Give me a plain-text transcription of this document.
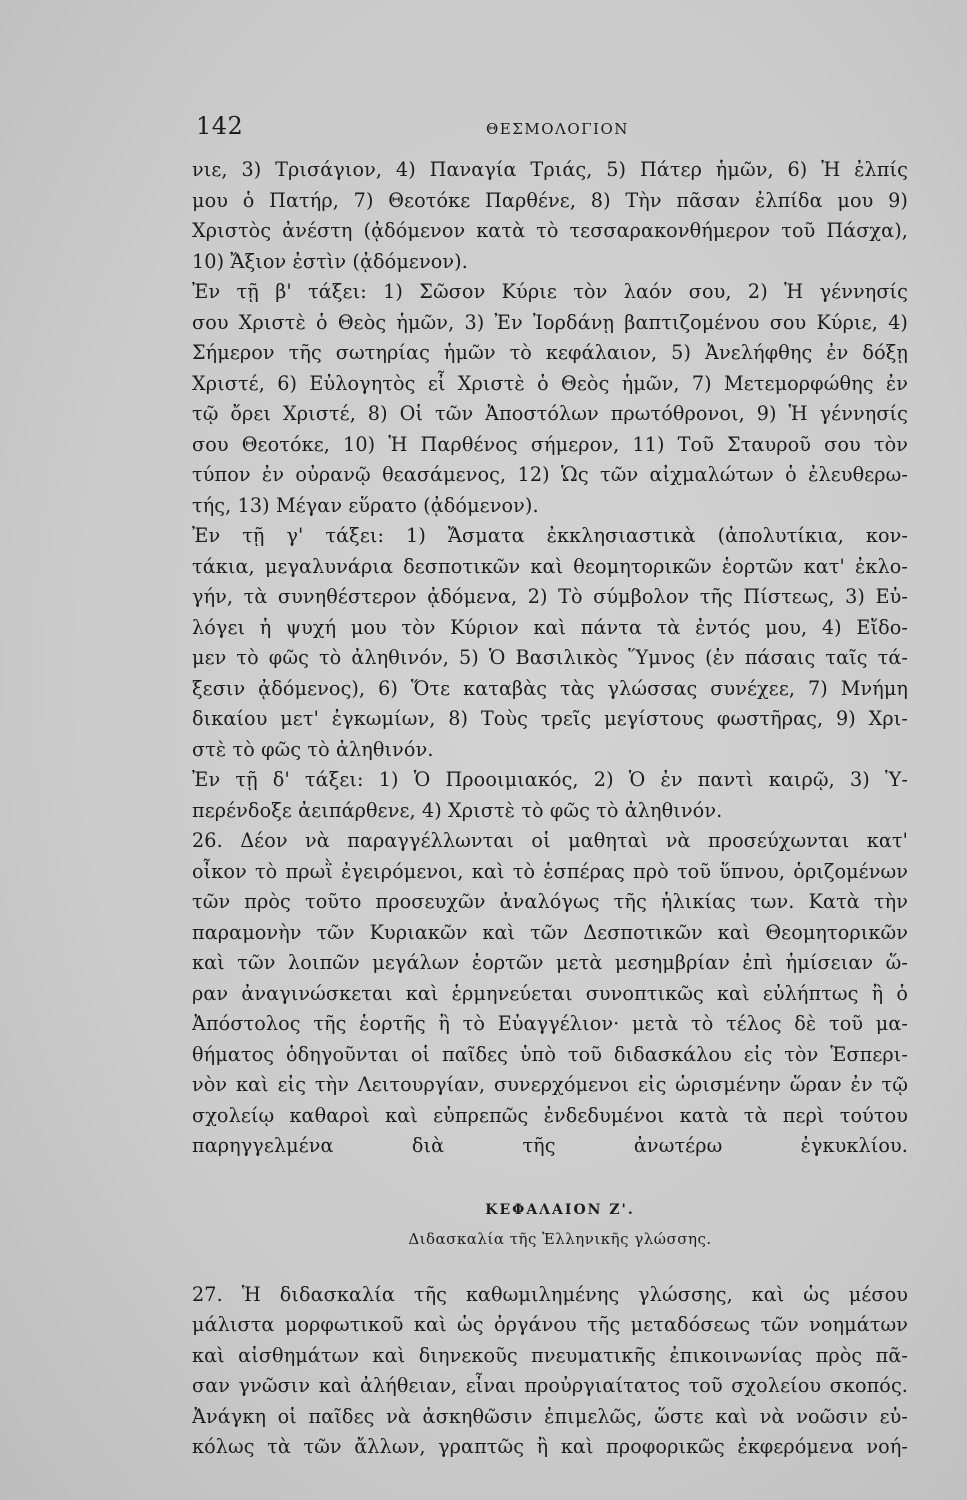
142	ΘΕΣΜΟΛΟΓΙΟΝ
νιε, 3) Τρισάγιον, 4) Παναγία Τριάς, 5) Πάτερ ἡμῶν, 6) Ἡ ἐλπίς
μου ὁ Πατήρ, 7) Θεοτόκε Παρθένε, 8) Τὴν πᾶσαν ἐλπίδα μου 9)
Χριστὸς ἀνέστη (ᾀδόμενον κατὰ τὸ τεσσαρακονθήμερον τοῦ Πάσχα),
10) Ἄξιον ἐστὶν (ᾀδόμενον).
Ἐν τῇ β' τάξει: 1) Σῶσον Κύριε τὸν λαόν σου, 2) Ἡ γέννησίς
σου Χριστὲ ὁ Θεὸς ἡμῶν, 3) Ἐν Ἰορδάνῃ βαπτιζομένου σου Κύριε, 4)
Σήμερον τῆς σωτηρίας ἡμῶν τὸ κεφάλαιον, 5) Ἀνελήφθης ἐν δόξῃ
Χριστέ, 6) Εὐλογητὸς εἶ Χριστὲ ὁ Θεὸς ἡμῶν, 7) Μετεμορφώθης ἐν
τῷ ὄρει Χριστέ, 8) Οἱ τῶν Ἀποστόλων πρωτόθρονοι, 9) Ἡ γέννησίς
σου Θεοτόκε, 10) Ἡ Παρθένος σήμερον, 11) Τοῦ Σταυροῦ σου τὸν
τύπον ἐν οὐρανῷ θεασάμενος, 12) Ὡς τῶν αἰχμαλώτων ὁ ἐλευθερω-
τής, 13) Μέγαν εὕρατο (ᾀδόμενον).
Ἐν τῇ γ' τάξει: 1) Ἄσματα ἐκκλησιαστικὰ (ἀπολυτίκια, κον-
τάκια, μεγαλυνάρια δεσποτικῶν καὶ θεομητορικῶν ἑορτῶν κατ' ἐκλο-
γήν, τὰ συνηθέστερον ᾀδόμενα, 2) Τὸ σύμβολον τῆς Πίστεως, 3) Εὐ-
λόγει ἡ ψυχή μου τὸν Κύριον καὶ πάντα τὰ ἐντός μου, 4) Εἴδο-
μεν τὸ φῶς τὸ ἀληθινόν, 5) Ὁ Βασιλικὸς Ὕμνος (ἐν πάσαις ταῖς τά-
ξεσιν ᾀδόμενος), 6) Ὅτε καταβὰς τὰς γλώσσας συνέχεε, 7) Μνήμη
δικαίου μετ' ἐγκωμίων, 8) Τοὺς τρεῖς μεγίστους φωστῆρας, 9) Χρι-
στὲ τὸ φῶς τὸ ἀληθινόν.
Ἐν τῇ δ' τάξει: 1) Ὁ Προοιμιακός, 2) Ὁ ἐν παντὶ καιρῷ, 3) Ὑ-
περένδοξε ἀειπάρθενε, 4) Χριστὲ τὸ φῶς τὸ ἀληθινόν.
26. Δέον νὰ παραγγέλλωνται οἱ μαθηταὶ νὰ προσεύχωνται κατ'
οἶκον τὸ πρωῒ ἐγειρόμενοι, καὶ τὸ ἑσπέρας πρὸ τοῦ ὕπνου, ὁριζομένων
τῶν πρὸς τοῦτο προσευχῶν ἀναλόγως τῆς ἡλικίας των. Κατὰ τὴν
παραμονὴν τῶν Κυριακῶν καὶ τῶν Δεσποτικῶν καὶ Θεομητορικῶν
καὶ τῶν λοιπῶν μεγάλων ἑορτῶν μετὰ μεσημβρίαν ἐπὶ ἡμίσειαν ὥ-
ραν ἀναγινώσκεται καὶ ἑρμηνεύεται συνοπτικῶς καὶ εὐλήπτως ἢ ὁ
Ἀπόστολος τῆς ἑορτῆς ἢ τὸ Εὐαγγέλιον· μετὰ τὸ τέλος δὲ τοῦ μα-
θήματος ὁδηγοῦνται οἱ παῖδες ὑπὸ τοῦ διδασκάλου εἰς τὸν Ἑσπερι-
νὸν καὶ εἰς τὴν Λειτουργίαν, συνερχόμενοι εἰς ὡρισμένην ὥραν ἐν τῷ
σχολείῳ καθαροὶ καὶ εὐπρεπῶς ἐνδεδυμένοι κατὰ τὰ περὶ τούτου
παρηγγελμένα διὰ τῆς ἀνωτέρω ἐγκυκλίου.
ΚΕΦΑΛΑΙΟΝ Ζ'.
Διδασκαλία τῆς Ἑλληνικῆς γλώσσης.
27. Ἡ διδασκαλία τῆς καθωμιλημένης γλώσσης, καὶ ὡς μέσου
μάλιστα μορφωτικοῦ καὶ ὡς ὀργάνου τῆς μεταδόσεως τῶν νοημάτων
καὶ αἰσθημάτων καὶ διηνεκοῦς πνευματικῆς ἐπικοινωνίας πρὸς πᾶ-
σαν γνῶσιν καὶ ἀλήθειαν, εἶναι προὐργιαίτατος τοῦ σχολείου σκοπός.
Ἀνάγκη οἱ παῖδες νὰ ἀσκηθῶσιν ἐπιμελῶς, ὥστε καὶ νὰ νοῶσιν εὐ-
κόλως τὰ τῶν ἄλλων, γραπτῶς ἢ καὶ προφορικῶς ἐκφερόμενα νοή-
